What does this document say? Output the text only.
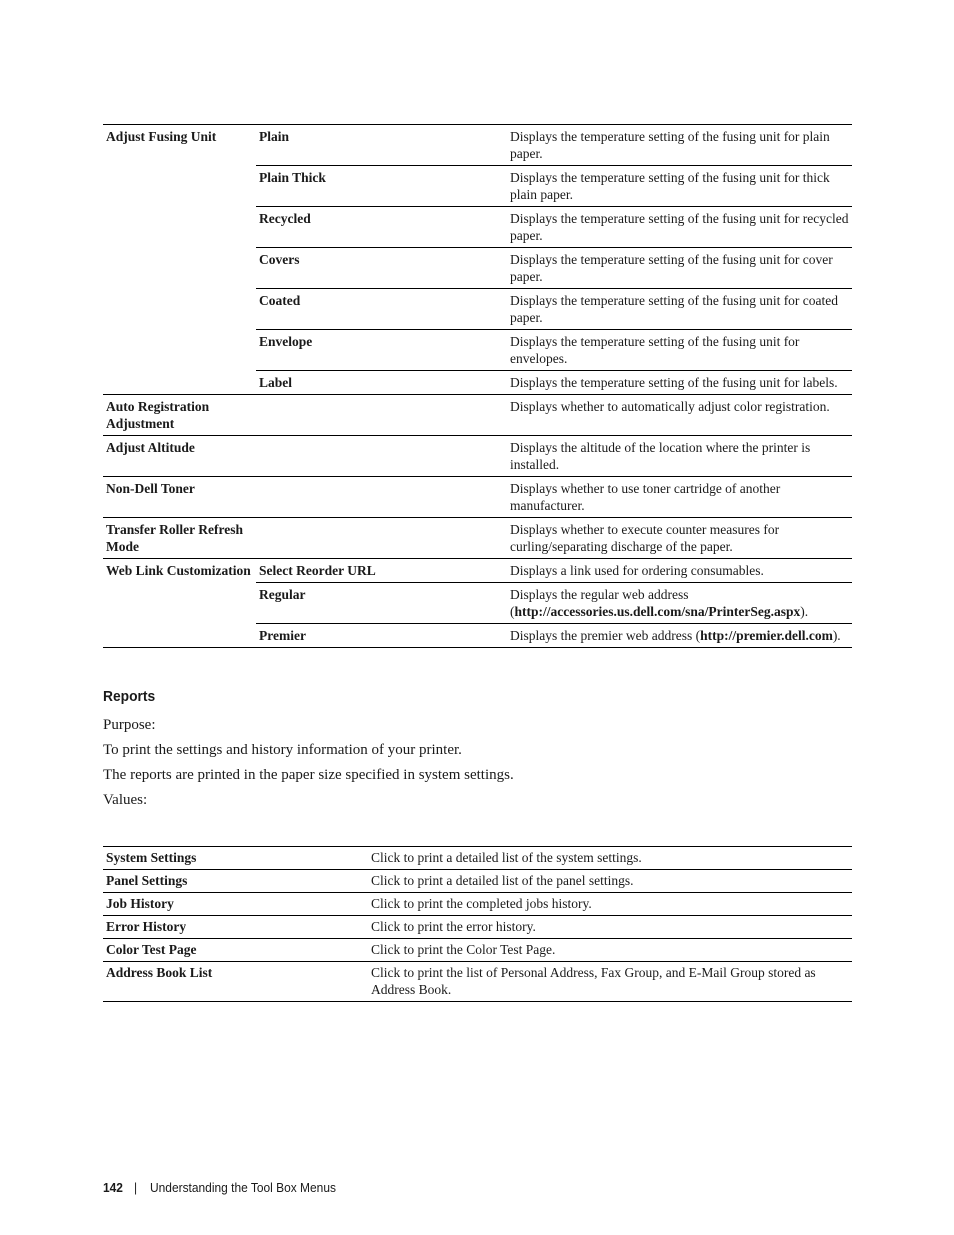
Adjust Fusing Unit	Plain	Displays the temperature setting of the fusing unit for plain paper.
	Plain Thick	Displays the temperature setting of the fusing unit for thick plain paper.
	Recycled	Displays the temperature setting of the fusing unit for recycled paper.
	Covers	Displays the temperature setting of the fusing unit for cover paper.
	Coated	Displays the temperature setting of the fusing unit for coated paper.
	Envelope	Displays the temperature setting of the fusing unit for envelopes.
	Label	Displays the temperature setting of the fusing unit for labels.
Auto Registration Adjustment		Displays whether to automatically adjust color registration.
Adjust Altitude		Displays the altitude of the location where the printer is installed.
Non-Dell Toner		Displays whether to use toner cartridge of another manufacturer.
Transfer Roller Refresh Mode		Displays whether to execute counter measures for curling/separating discharge of the paper.
Web Link Customization	Select Reorder URL	Displays a link used for ordering consumables.
	Regular	Displays the regular web address (http://accessories.us.dell.com/sna/PrinterSeg.aspx).
	Premier	Displays the premier web address (http://premier.dell.com).
Reports

Purpose:

To print the settings and history information of your printer.

The reports are printed in the paper size specified in system settings.

Values:

System Settings	Click to print a detailed list of the system settings.
Panel Settings	Click to print a detailed list of the panel settings.
Job History	Click to print the completed jobs history.
Error History	Click to print the error history.
Color Test Page	Click to print the Color Test Page.
Address Book List	Click to print the list of Personal Address, Fax Group, and E-Mail Group stored as Address Book.
142 | Understanding the Tool Box Menus
